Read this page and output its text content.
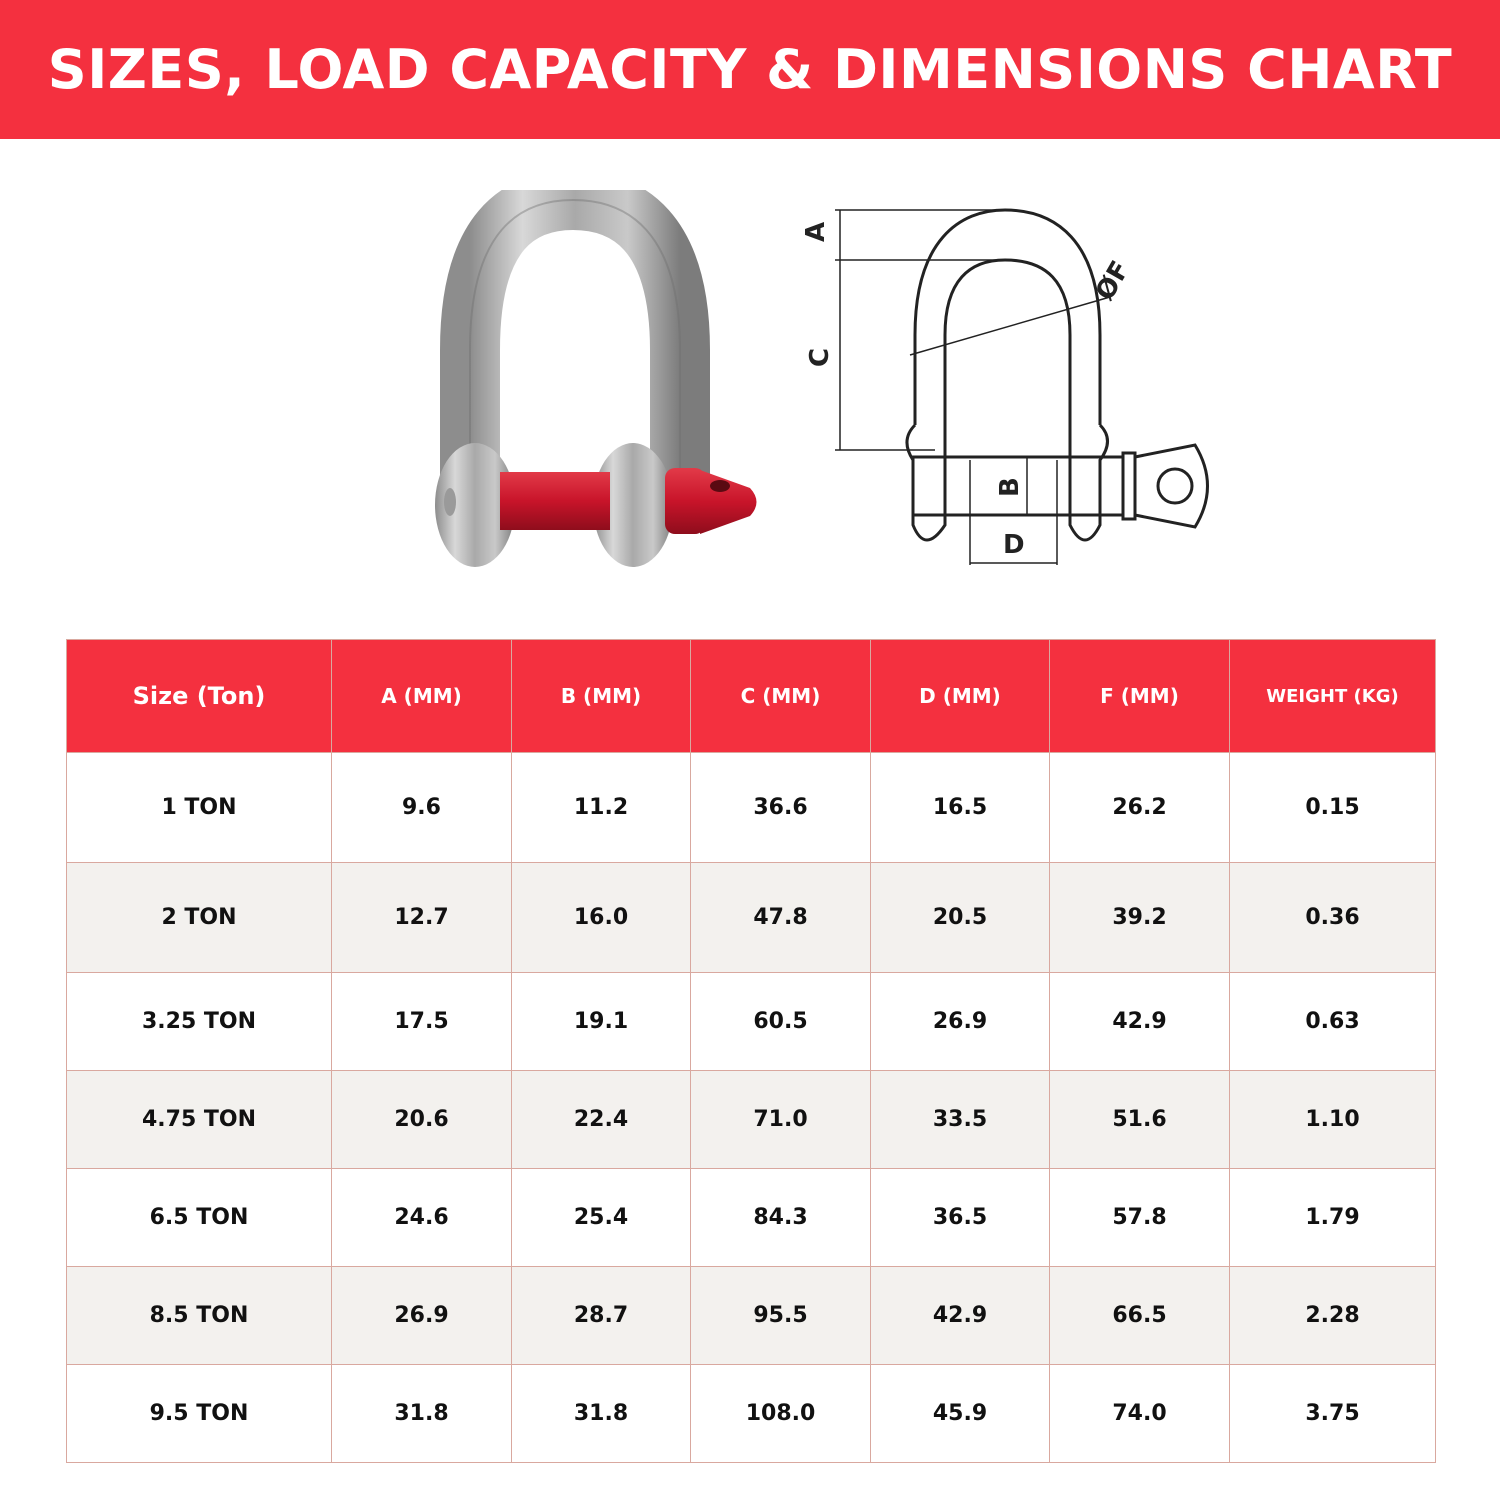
SIZES, LOAD CAPACITY & DIMENSIONS CHART
A
C
ØF
B
D
Size (Ton)	A (MM)	B (MM)	C (MM)	D (MM)	F (MM)	WEIGHT (KG)
1 TON	9.6	11.2	36.6	16.5	26.2	0.15
2 TON	12.7	16.0	47.8	20.5	39.2	0.36
3.25 TON	17.5	19.1	60.5	26.9	42.9	0.63
4.75 TON	20.6	22.4	71.0	33.5	51.6	1.10
6.5 TON	24.6	25.4	84.3	36.5	57.8	1.79
8.5 TON	26.9	28.7	95.5	42.9	66.5	2.28
9.5 TON	31.8	31.8	108.0	45.9	74.0	3.75
